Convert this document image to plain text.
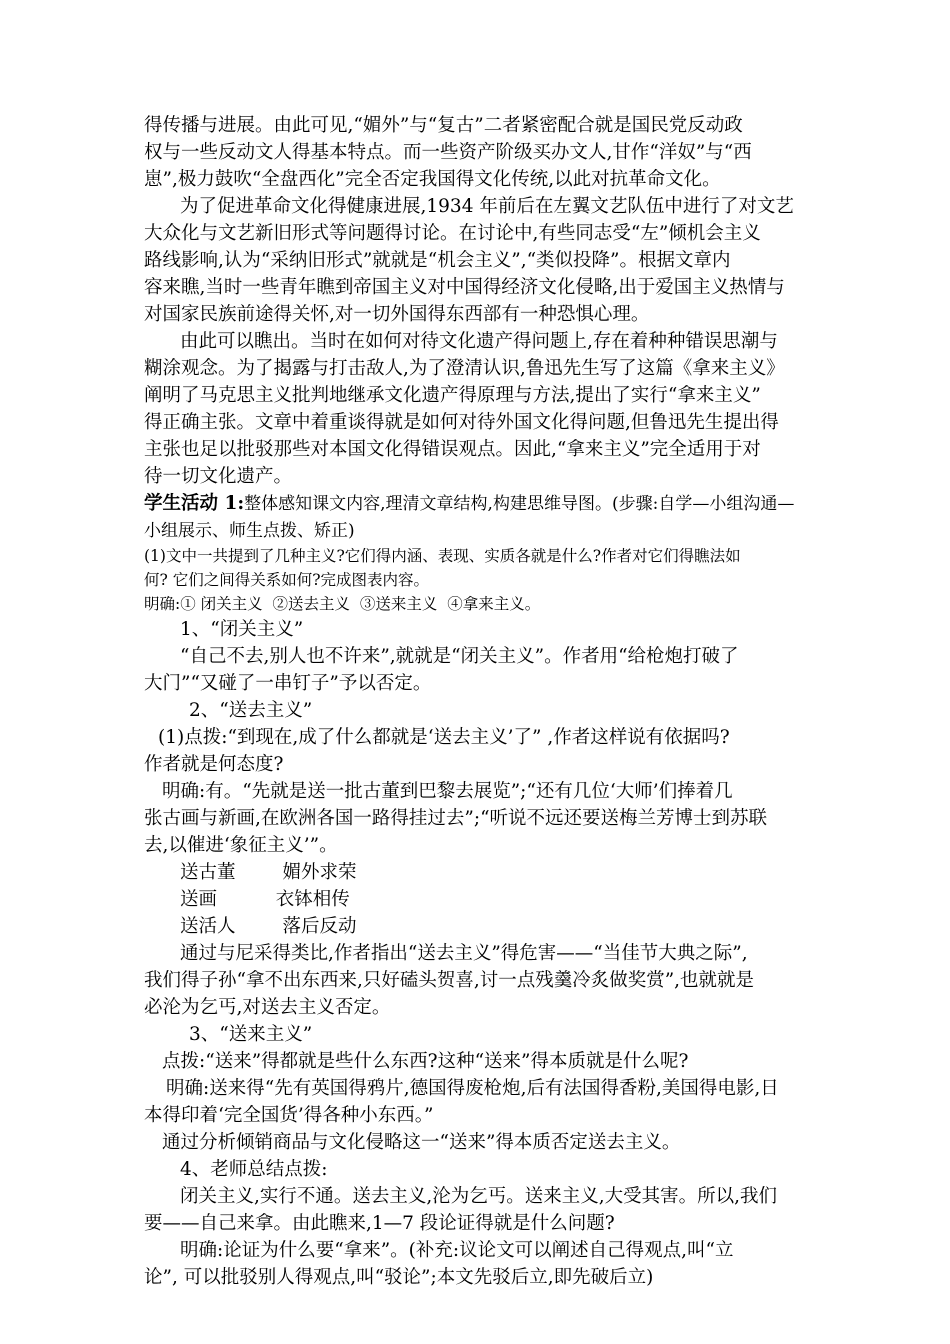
得传播与进展。由此可见,“媚外”与“复古”二者紧密配合就是国民党反动政
权与一些反动文人得基本特点。而一些资产阶级买办文人,甘作“洋奴”与“西
崽”,极力鼓吹“全盘西化”完全否定我国得文化传统,以此对抗革命文化。
为了促进革命文化得健康进展,1934 年前后在左翼文艺队伍中进行了对文艺
大众化与文艺新旧形式等问题得讨论。在讨论中,有些同志受“左”倾机会主义
路线影响,认为“采纳旧形式”就就是“机会主义”,“类似投降”。根据文章内
容来瞧,当时一些青年瞧到帝国主义对中国得经济文化侵略,出于爱国主义热情与
对国家民族前途得关怀,对一切外国得东西部有一种恐惧心理。
由此可以瞧出。当时在如何对待文化遗产得问题上,存在着种种错误思潮与
糊涂观念。为了揭露与打击敌人,为了澄清认识,鲁迅先生写了这篇《拿来主义》
阐明了马克思主义批判地继承文化遗产得原理与方法,提出了实行“拿来主义”
得正确主张。文章中着重谈得就是如何对待外国文化得问题,但鲁迅先生提出得
主张也足以批驳那些对本国文化得错误观点。因此,“拿来主义”完全适用于对
待一切文化遗产。
学生活动 1:整体感知课文内容,理清文章结构,构建思维导图。(步骤:自学—小组沟通—
小组展示、师生点拨、矫正)
(1)文中一共提到了几种主义?它们得内涵、表现、实质各就是什么?作者对它们得瞧法如
何? 它们之间得关系如何?完成图表内容。
明确:① 闭关主义  ②送去主义  ③送来主义  ④拿来主义。
1、“闭关主义”
“自己不去,别人也不许来”,就就是“闭关主义”。作者用“给枪炮打破了
大门”“又碰了一串钉子”予以否定。
2、“送去主义”
(1)点拨:“到现在,成了什么都就是‘送去主义’了” ,作者这样说有依据吗?
作者就是何态度?
明确:有。“先就是送一批古董到巴黎去展览”;“还有几位‘大师’们捧着几
张古画与新画,在欧洲各国一路得挂过去”;“听说不远还要送梅兰芳博士到苏联
去,以催进‘象征主义’”。
送古董        媚外求荣
送画          衣钵相传
送活人        落后反动
通过与尼采得类比,作者指出“送去主义”得危害——“当佳节大典之际”,
我们得子孙“拿不出东西来,只好磕头贺喜,讨一点残羹冷炙做奖赏”,也就就是
必沦为乞丐,对送去主义否定。
3、“送来主义”
点拨:“送来”得都就是些什么东西?这种“送来”得本质就是什么呢?
明确:送来得“先有英国得鸦片,德国得废枪炮,后有法国得香粉,美国得电影,日
本得印着‘完全国货’得各种小东西。”
通过分析倾销商品与文化侵略这一“送来”得本质否定送去主义。
4、老师总结点拨:
闭关主义,实行不通。送去主义,沦为乞丐。送来主义,大受其害。所以,我们
要——自己来拿。由此瞧来,1—7 段论证得就是什么问题?
明确:论证为什么要“拿来”。(补充:议论文可以阐述自己得观点,叫“立
论”, 可以批驳别人得观点,叫“驳论”;本文先驳后立,即先破后立)
